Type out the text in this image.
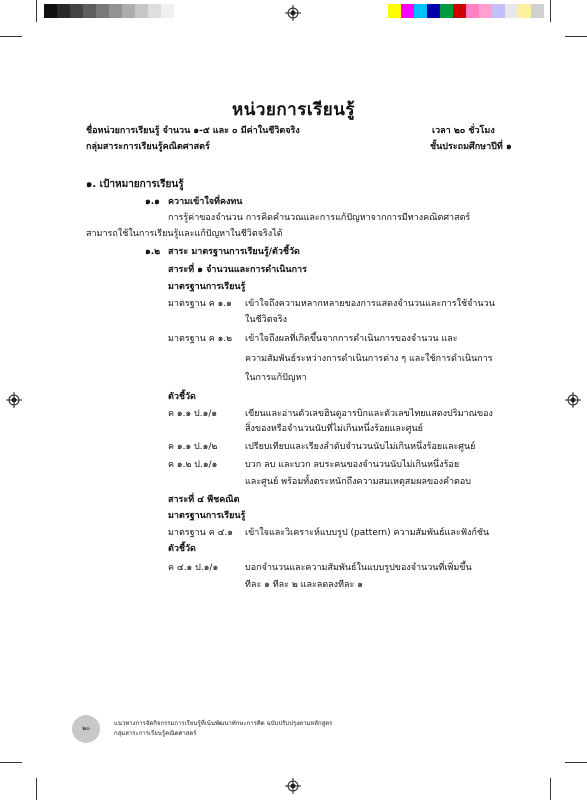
หน่วยการเรียนรู้
ชื่อหน่วยการเรียนรู้ จำนวน ๑-๕ และ ๐ มีค่าในชีวิตจริง	เวลา ๒๐ ชั่วโมง
กลุ่มสาระการเรียนรู้คณิตศาสตร์	ชั้นประถมศึกษาปีที่ ๑
๑. เป้าหมายการเรียนรู้
๑.๑ ความเข้าใจที่คงทน
การรู้ค่าของจำนวน การคิดคำนวณและการแก้ปัญหาจากการมีทางคณิตศาสตร์
สามารถใช้ในการเรียนรู้และแก้ปัญหาในชีวิตจริงได้
๑.๒ สาระ มาตรฐานการเรียนรู้/ตัวชี้วัด
สาระที่ ๑ จำนวนและการดำเนินการ
มาตรฐานการเรียนรู้
มาตรฐาน ค ๑.๑ เข้าใจถึงความหลากหลายของการแสดงจำนวนและการใช้จำนวน
ในชีวิตจริง
มาตรฐาน ค ๑.๒ เข้าใจถึงผลที่เกิดขึ้นจากการดำเนินการของจำนวน และ
ความสัมพันธ์ระหว่างการดำเนินการต่าง ๆ และใช้การดำเนินการ
ในการแก้ปัญหา
ตัวชี้วัด
ค ๑.๑ ป.๑/๑	เขียนและอ่านตัวเลขฮินดูอารบิกและตัวเลขไทยแสดงปริมาณของ
สิ่งของหรือจำนวนนับที่ไม่เกินหนึ่งร้อยและศูนย์
ค ๑.๑ ป.๑/๒	เปรียบเทียบและเรียงลำดับจำนวนนับไม่เกินหนึ่งร้อยและศูนย์
ค ๑.๒ ป.๑/๑	บวก ลบ และบวก ลบระคนของจำนวนนับไม่เกินหนึ่งร้อย
และศูนย์ พร้อมทั้งตระหนักถึงความสมเหตุสมผลของคำตอบ
สาระที่ ๔ พีชคณิต
มาตรฐานการเรียนรู้
มาตรฐาน ค ๔.๑ เข้าใจและวิเคราะห์แบบรูป (pattern) ความสัมพันธ์และฟังก์ชัน
ตัวชี้วัด
ค ๔.๑ ป.๑/๑	บอกจำนวนและความสัมพันธ์ในแบบรูปของจำนวนที่เพิ่มขึ้น
ทีละ ๑ ทีละ ๒ และลดลงทีละ ๑
๒๐
แนวทางการจัดกิจกรรมการเรียนรู้ที่เน้นพัฒนาทักษะการคิด ฉบับปรับปรุงตามหลักสูตร
กลุ่มสาระการเรียนรู้คณิตศาสตร์
